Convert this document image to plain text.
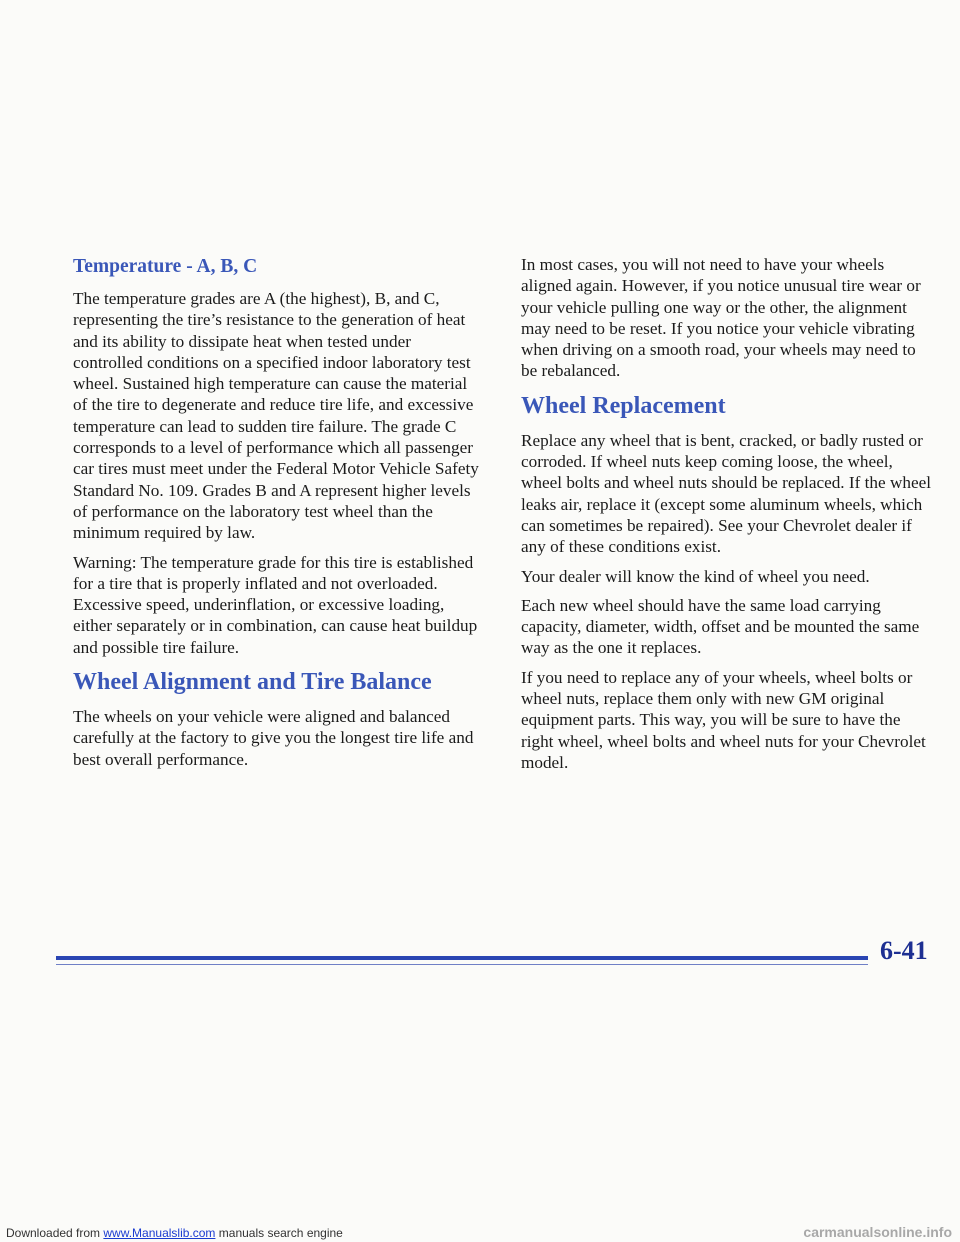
Temperature - A, B, C

The temperature grades are A (the highest), B, and C, representing the tire’s resistance to the generation of heat and its ability to dissipate heat when tested under controlled conditions on a specified indoor laboratory test wheel. Sustained high temperature can cause the material of the tire to degenerate and reduce tire life, and excessive temperature can lead to sudden tire failure. The grade C corresponds to a level of performance which all passenger car tires must meet under the Federal Motor Vehicle Safety Standard No. 109. Grades B and A represent higher levels of performance on the laboratory test wheel than the minimum required by law.

Warning: The temperature grade for this tire is established for a tire that is properly inflated and not overloaded. Excessive speed, underinflation, or excessive loading, either separately or in combination, can cause heat buildup and possible tire failure.

Wheel Alignment and Tire Balance

The wheels on your vehicle were aligned and balanced carefully at the factory to give you the longest tire life and best overall performance.

In most cases, you will not need to have your wheels aligned again. However, if you notice unusual tire wear or your vehicle pulling one way or the other, the alignment may need to be reset. If you notice your vehicle vibrating when driving on a smooth road, your wheels may need to be rebalanced.

Wheel Replacement

Replace any wheel that is bent, cracked, or badly rusted or corroded. If wheel nuts keep coming loose, the wheel, wheel bolts and wheel nuts should be replaced. If the wheel leaks air, replace it (except some aluminum wheels, which can sometimes be repaired). See your Chevrolet dealer if any of these conditions exist.

Your dealer will know the kind of wheel you need.

Each new wheel should have the same load carrying capacity, diameter, width, offset and be mounted the same way as the one it replaces.

If you need to replace any of your wheels, wheel bolts or wheel nuts, replace them only with new GM original equipment parts. This way, you will be sure to have the right wheel, wheel bolts and wheel nuts for your Chevrolet model.

6-41
Downloaded from www.Manualslib.com manuals search engine	carmanualsonline.info
